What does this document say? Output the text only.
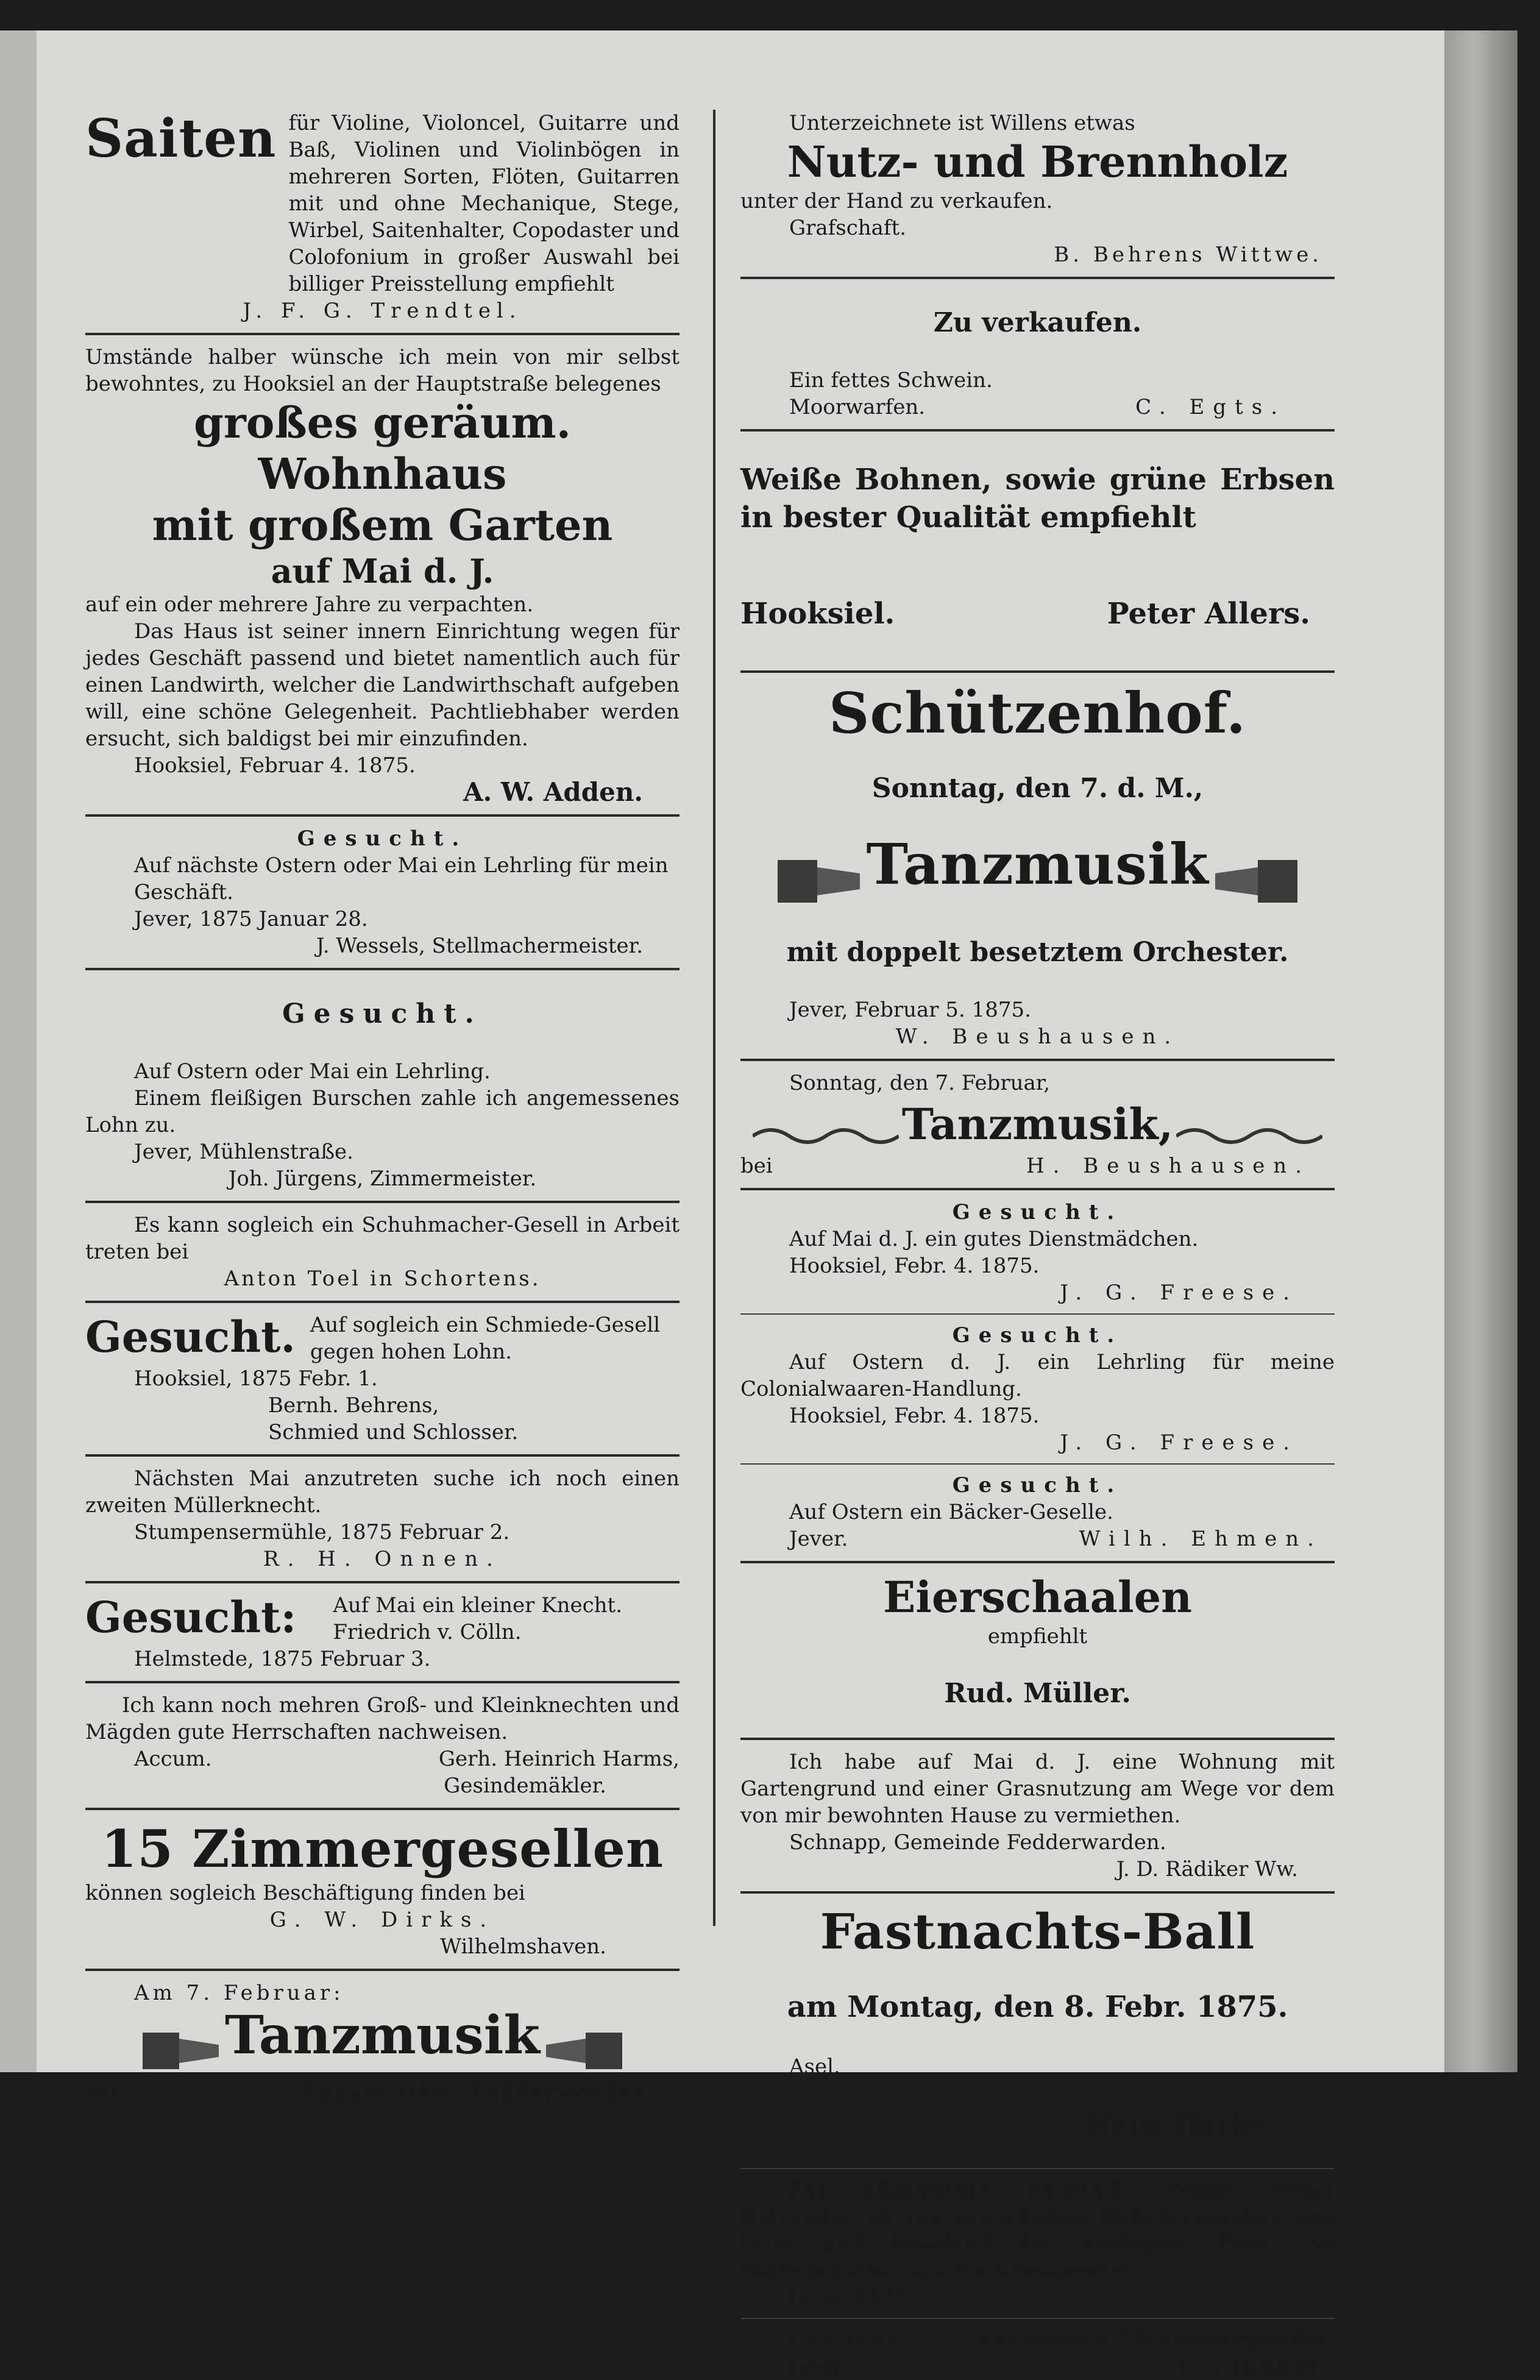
Saiten für Violine, Violoncel, Guitarre und Baß, Violinen und Violinbögen in mehreren Sorten, Flöten, Guitarren mit und ohne Mechanique, Stege, Wirbel, Saitenhalter, Copodaster und Colofonium in großer Auswahl bei billiger Preisstellung empfiehlt

J. F. G. Trendtel.

Umstände halber wünsche ich mein von mir selbst bewohntes, zu Hooksiel an der Hauptstraße belegenes

großes geräum. Wohnhaus
mit großem Garten
auf Mai d. J.

auf ein oder mehrere Jahre zu verpachten.

Das Haus ist seiner innern Einrichtung wegen für jedes Geschäft passend und bietet namentlich auch für einen Landwirth, welcher die Landwirthschaft aufgeben will, eine schöne Gelegenheit. Pachtliebhaber werden ersucht, sich baldigst bei mir einzufinden.

Hooksiel, Februar 4. 1875.

A. W. Adden.

Gesucht.

Auf nächste Ostern oder Mai ein Lehrling für mein Geschäft.

Jever, 1875 Januar 28.

J. Wessels, Stellmachermeister.

Gesucht.

Auf Ostern oder Mai ein Lehrling.

Einem fleißigen Burschen zahle ich angemessenes Lohn zu.

Jever, Mühlenstraße.

Joh. Jürgens, Zimmermeister.

Es kann sogleich ein Schuhmacher-Gesell in Arbeit treten bei

Anton Toel in Schortens.

Gesucht. Auf sogleich ein Schmiede-Gesell

gegen hohen Lohn.

Hooksiel, 1875 Febr. 1.

Bernh. Behrens,

Schmied und Schlosser.

Nächsten Mai anzutreten suche ich noch einen zweiten Müllerknecht.

Stumpensermühle, 1875 Februar 2.

R. H. Onnen.

Gesucht: Auf Mai ein kleiner Knecht.

Friedrich v. Cölln.

Helmstede, 1875 Februar 3.

Ich kann noch mehren Groß- und Kleinknechten und Mägden gute Herrschaften nachweisen.

Accum.	Gerh. Heinrich Harms,

Gesindemäkler.

15 Zimmergesellen

können sogleich Beschäftigung finden bei

G. W. Dirks.

Wilhelmshaven.

Am 7. Februar:

Tanzmusik

bei	Eduard Obst, Fedderwarden.

Unterzeichnete ist Willens etwas

Nutz- und Brennholz

unter der Hand zu verkaufen.

Grafschaft.

B. Behrens Wittwe.

Zu verkaufen.

Ein fettes Schwein.

Moorwarfen.	C. Egts.

Weiße Bohnen, sowie grüne Erbsen in bester Qualität empfiehlt

Hooksiel.	Peter Allers.

Schützenhof.

Sonntag, den 7. d. M.,

Tanzmusik

mit doppelt besetztem Orchester.

Jever, Februar 5. 1875.

W. Beushausen.

Sonntag, den 7. Februar,

Tanzmusik,

bei	H. Beushausen.

Gesucht.

Auf Mai d. J. ein gutes Dienstmädchen.

Hooksiel, Febr. 4. 1875.

J. G. Freese.

Gesucht.

Auf Ostern d. J. ein Lehrling für meine Colonialwaaren-Handlung.

Hooksiel, Febr. 4. 1875.

J. G. Freese.

Gesucht.

Auf Ostern ein Bäcker-Geselle.

Jever.	Wilh. Ehmen.

Eierschaalen

empfiehlt

Rud. Müller.

Ich habe auf Mai d. J. eine Wohnung mit Gartengrund und einer Grasnutzung am Wege vor dem von mir bewohnten Hause zu vermiethen.

Schnapp, Gemeinde Fedderwarden.

J. D. Rädiker Ww.

Fastnachts-Ball

am Montag, den 8. Febr. 1875.

Asel.

Hero Tjarks.

Zur allgemeinen Kenntniß: Wegen hoher Holzpreise ist von sämmtlichen Böttchermeistern aus Jever und Jeverland der niedrigste Preis von Butterachteln auf 2 Mark festgesetzt.

Jever, 1875.

Gesucht.	Auf sogleich 2 Schneidergesellen.

Jever.	F. G. Holthoff.
